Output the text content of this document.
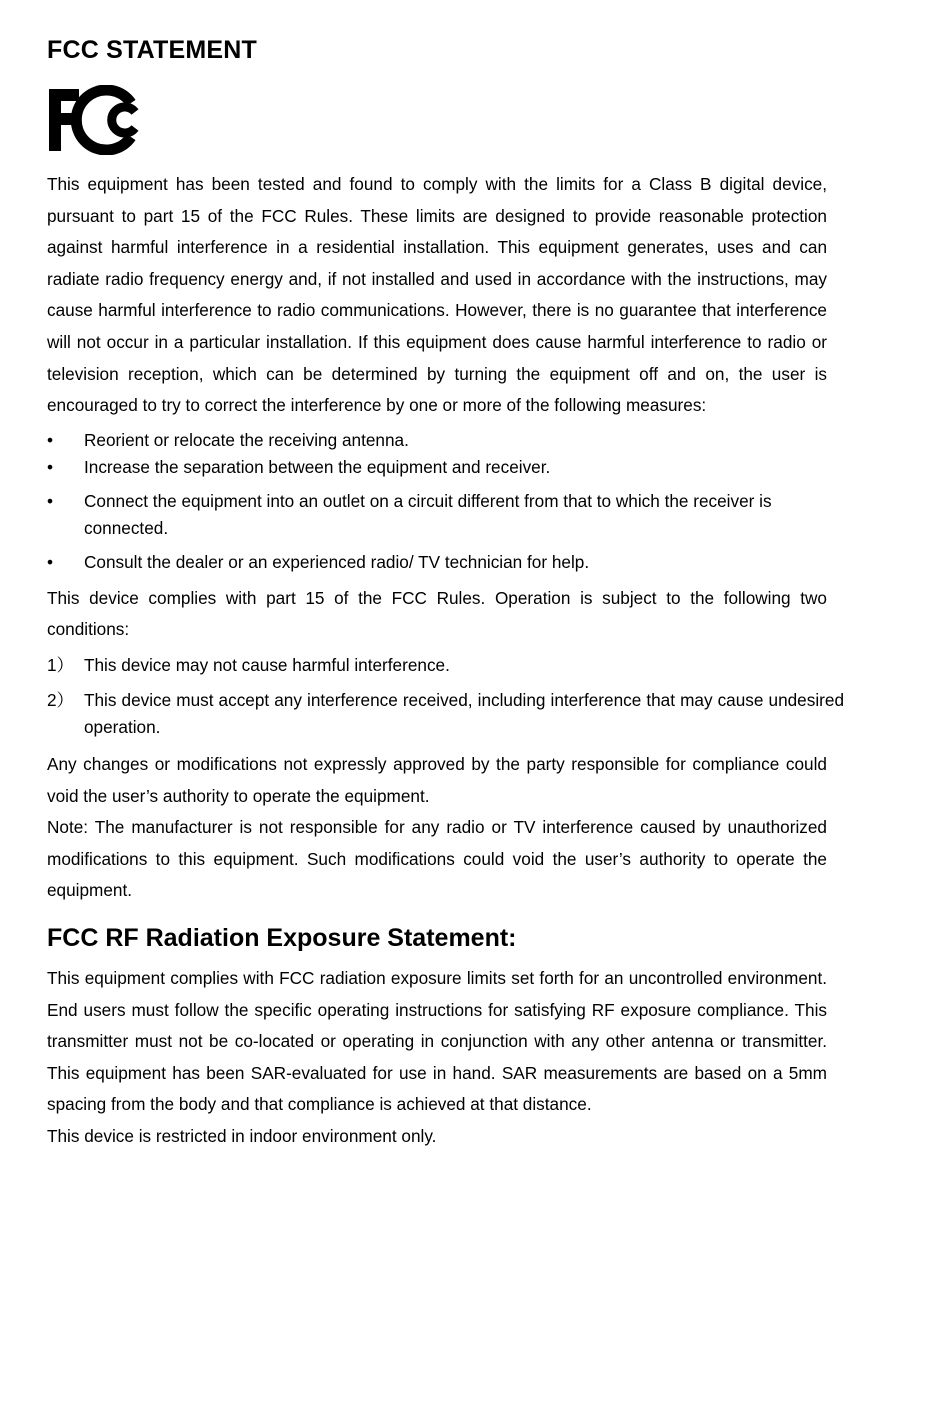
FCC STATEMENT

This equipment has been tested and found to comply with the limits for a Class B digital device, pursuant to part 15 of the FCC Rules. These limits are designed to provide reasonable protection against harmful interference in a residential installation. This equipment generates, uses and can radiate radio frequency energy and, if not installed and used in accordance with the instructions, may cause harmful interference to radio communications. However, there is no guarantee that interference will not occur in a particular installation. If this equipment does cause harmful interference to radio or television reception, which can be determined by turning the equipment off and on, the user is encouraged to try to correct the interference by one or more of the following measures:

•	Reorient or relocate the receiving antenna.
•	Increase the separation between the equipment and receiver.
•	Connect the equipment into an outlet on a circuit different from that to which the receiver is connected.
•	Consult the dealer or an experienced radio/ TV technician for help.

This device complies with part 15 of the FCC Rules. Operation is subject to the following two conditions:

1） This device may not cause harmful interference.
2） This device must accept any interference received, including interference that may cause undesired operation.

Any changes or modifications not expressly approved by the party responsible for compliance could void the user’s authority to operate the equipment.

Note: The manufacturer is not responsible for any radio or TV interference caused by unauthorized modifications to this equipment. Such modifications could void the user’s authority to operate the equipment.

FCC RF Radiation Exposure Statement:

This equipment complies with FCC radiation exposure limits set forth for an uncontrolled environment. End users must follow the specific operating instructions for satisfying RF exposure compliance. This transmitter must not be co-located or operating in conjunction with any other antenna or transmitter. This equipment has been SAR-evaluated for use in hand. SAR measurements are based on a 5mm spacing from the body and that compliance is achieved at that distance.

This device is restricted in indoor environment only.
